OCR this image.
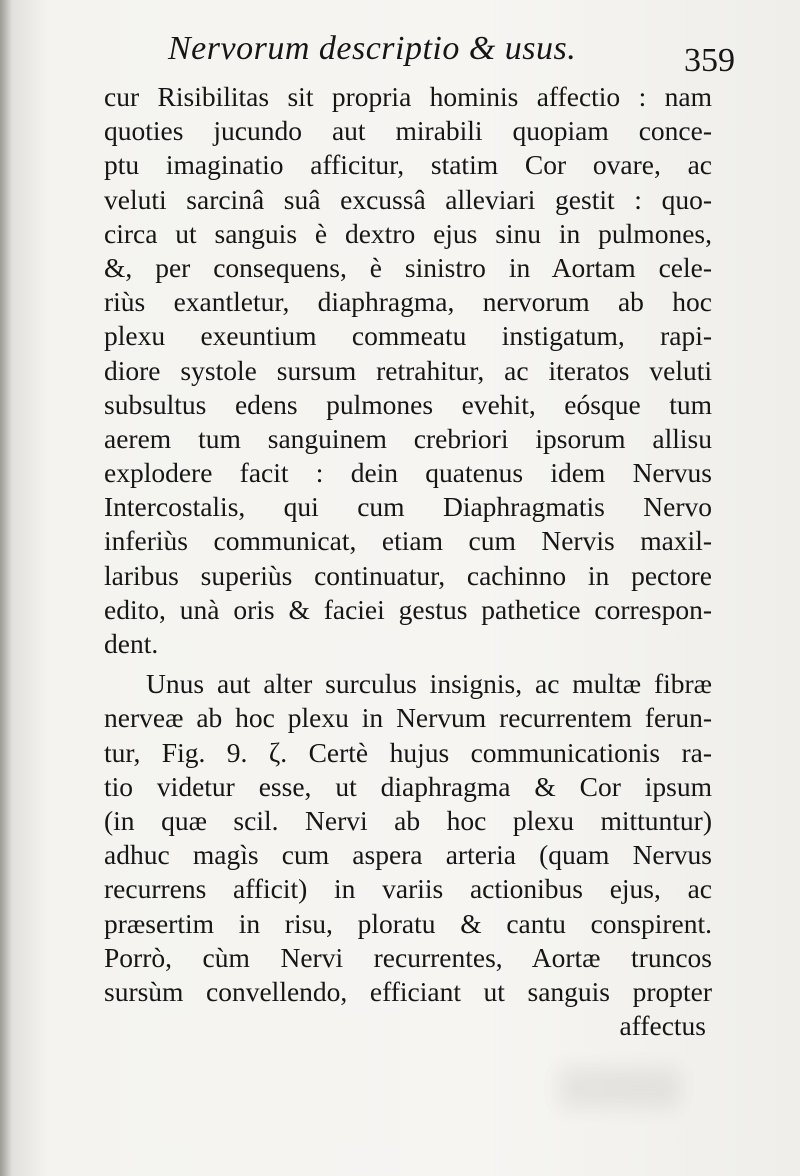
Nervorum descriptio & usus.	359
cur Risibilitas sit propria hominis affectio : nam
quoties jucundo aut mirabili quopiam conce-
ptu imaginatio afficitur, statim Cor ovare, ac
veluti sarcinâ suâ excussâ alleviari gestit : quo-
circa ut sanguis è dextro ejus sinu in pulmones,
&, per consequens, è sinistro in Aortam cele-
riùs exantletur, diaphragma, nervorum ab hoc
plexu exeuntium commeatu instigatum, rapi-
diore systole sursum retrahitur, ac iteratos veluti
subsultus edens pulmones evehit, eósque tum
aerem tum sanguinem crebriori ipsorum allisu
explodere facit : dein quatenus idem Nervus
Intercostalis, qui cum Diaphragmatis Nervo
inferiùs communicat, etiam cum Nervis maxil-
laribus superiùs continuatur, cachinno in pectore
edito, unà oris & faciei gestus pathetice correspon-
dent.
Unus aut alter surculus insignis, ac multæ fibræ
nerveæ ab hoc plexu in Nervum recurrentem ferun-
tur, Fig. 9. ζ. Certè hujus communicationis ra-
tio videtur esse, ut diaphragma & Cor ipsum
(in quæ scil. Nervi ab hoc plexu mittuntur)
adhuc magìs cum aspera arteria (quam Nervus
recurrens afficit) in variis actionibus ejus, ac
præsertim in risu, ploratu & cantu conspirent.
Porrò, cùm Nervi recurrentes, Aortæ truncos
sursùm convellendo, efficiant ut sanguis propter
affectus
